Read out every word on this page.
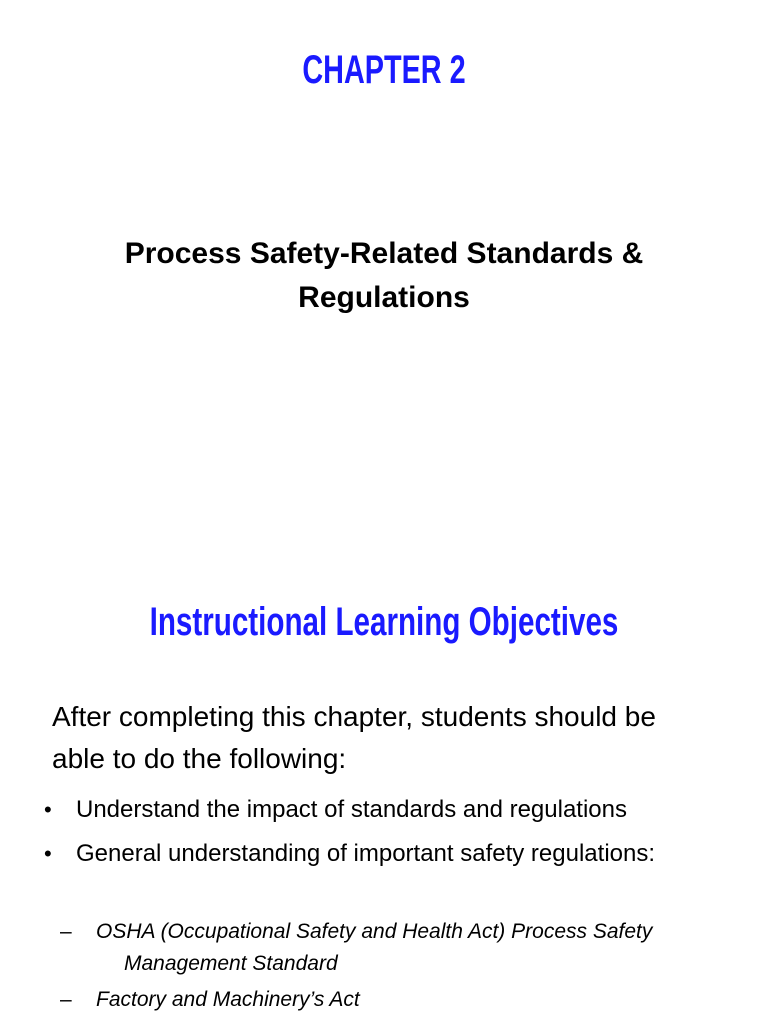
CHAPTER 2
Process Safety-Related Standards &
Regulations
Instructional Learning Objectives
After completing this chapter, students should be
able to do the following:
• Understand the impact of standards and regulations
• General understanding of important safety regulations:
– OSHA (Occupational Safety and Health Act) Process Safety
Management Standard
– Factory and Machinery’s Act
